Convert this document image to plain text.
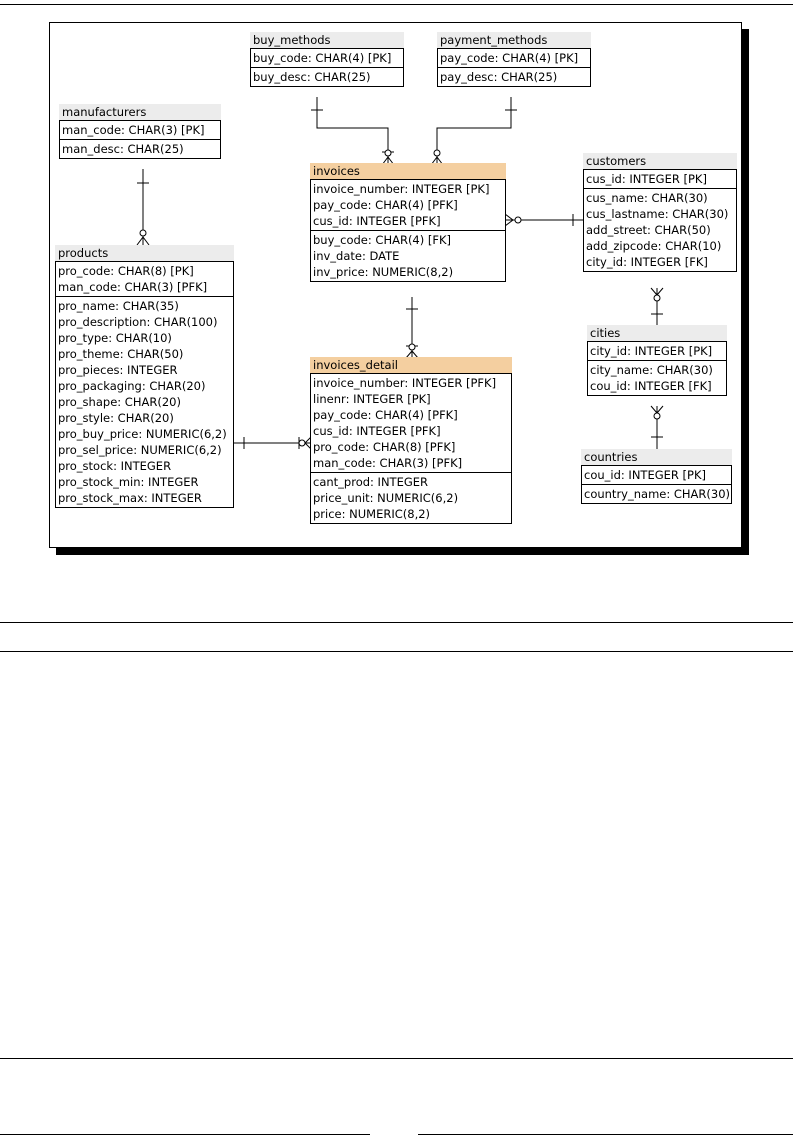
buy_methods
buy_code: CHAR(4) [PK]
buy_desc: CHAR(25)
payment_methods
pay_code: CHAR(4) [PK]
pay_desc: CHAR(25)
manufacturers
man_code: CHAR(3) [PK]
man_desc: CHAR(25)
invoices
invoice_number: INTEGER [PK]
pay_code: CHAR(4) [PFK]
cus_id: INTEGER [PFK]
buy_code: CHAR(4) [FK]
inv_date: DATE
inv_price: NUMERIC(8,2)
customers
cus_id: INTEGER [PK]
cus_name: CHAR(30)
cus_lastname: CHAR(30)
add_street: CHAR(50)
add_zipcode: CHAR(10)
city_id: INTEGER [FK]
products
pro_code: CHAR(8) [PK]
man_code: CHAR(3) [PFK]
pro_name: CHAR(35)
pro_description: CHAR(100)
pro_type: CHAR(10)
pro_theme: CHAR(50)
pro_pieces: INTEGER
pro_packaging: CHAR(20)
pro_shape: CHAR(20)
pro_style: CHAR(20)
pro_buy_price: NUMERIC(6,2)
pro_sel_price: NUMERIC(6,2)
pro_stock: INTEGER
pro_stock_min: INTEGER
pro_stock_max: INTEGER
invoices_detail
invoice_number: INTEGER [PFK]
linenr: INTEGER [PK]
pay_code: CHAR(4) [PFK]
cus_id: INTEGER [PFK]
pro_code: CHAR(8) [PFK]
man_code: CHAR(3) [PFK]
cant_prod: INTEGER
price_unit: NUMERIC(6,2)
price: NUMERIC(8,2)
cities
city_id: INTEGER [PK]
city_name: CHAR(30)
cou_id: INTEGER [FK]
countries
cou_id: INTEGER [PK]
country_name: CHAR(30)
